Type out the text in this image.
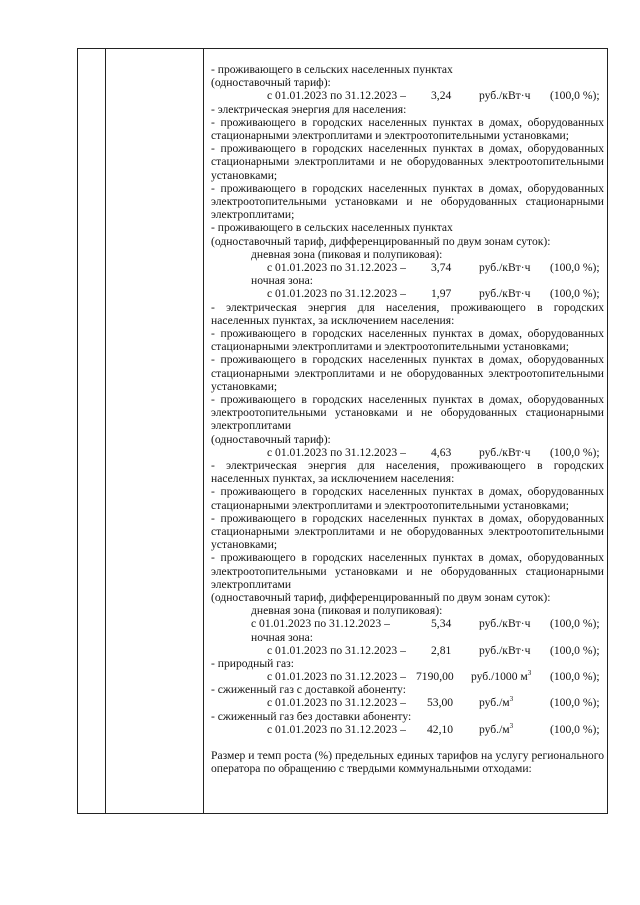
- проживающего в сельских населенных пунктах
(одноставочный тариф):
с 01.01.2023 по 31.12.2023 – 3,24 руб./кВт·ч (100,0 %);
- электрическая энергия для населения:
- проживающего в городских населенных пунктах в домах, оборудованных стационарными электроплитами и электроотопительными установками;
- проживающего в городских населенных пунктах в домах, оборудованных стационарными электроплитами и не оборудованных электроотопительными установками;
- проживающего в городских населенных пунктах в домах, оборудованных электроотопительными установками и не оборудованных стационарными электроплитами;
- проживающего в сельских населенных пунктах
(одноставочный тариф, дифференцированный по двум зонам суток):
дневная зона (пиковая и полупиковая):
с 01.01.2023 по 31.12.2023 – 3,74 руб./кВт·ч (100,0 %);
ночная зона:
с 01.01.2023 по 31.12.2023 – 1,97 руб./кВт·ч (100,0 %);
- электрическая энергия для населения, проживающего в городских населенных пунктах, за исключением населения:
- проживающего в городских населенных пунктах в домах, оборудованных стационарными электроплитами и электроотопительными установками;
- проживающего в городских населенных пунктах в домах, оборудованных стационарными электроплитами и не оборудованных электроотопительными установками;
- проживающего в городских населенных пунктах в домах, оборудованных электроотопительными установками и не оборудованных стационарными электроплитами
(одноставочный тариф):
с 01.01.2023 по 31.12.2023 – 4,63 руб./кВт·ч (100,0 %);
- электрическая энергия для населения, проживающего в городских населенных пунктах, за исключением населения:
- проживающего в городских населенных пунктах в домах, оборудованных стационарными электроплитами и электроотопительными установками;
- проживающего в городских населенных пунктах в домах, оборудованных стационарными электроплитами и не оборудованных электроотопительными установками;
- проживающего в городских населенных пунктах в домах, оборудованных электроотопительными установками и не оборудованных стационарными электроплитами
(одноставочный тариф, дифференцированный по двум зонам суток):
дневная зона (пиковая и полупиковая):
с 01.01.2023 по 31.12.2023 –	5,34 руб./кВт·ч (100,0 %);
ночная зона:
с 01.01.2023 по 31.12.2023 – 2,81 руб./кВт·ч (100,0 %);
- природный газ:
с 01.01.2023 по 31.12.2023 – 7190,00 руб./1000 $м^3$ (100,0 %);
- сжиженный газ с доставкой абоненту:
с 01.01.2023 по 31.12.2023 – 53,00 $руб./м^3$	(100,0 %);
- сжиженный газ без доставки абоненту:
с 01.01.2023 по 31.12.2023 – 42,10 $руб./м^3$	(100,0 %);
Размер и темп роста (%) предельных единых тарифов на услугу регионального оператора по обращению с твердыми коммунальными отходами:
